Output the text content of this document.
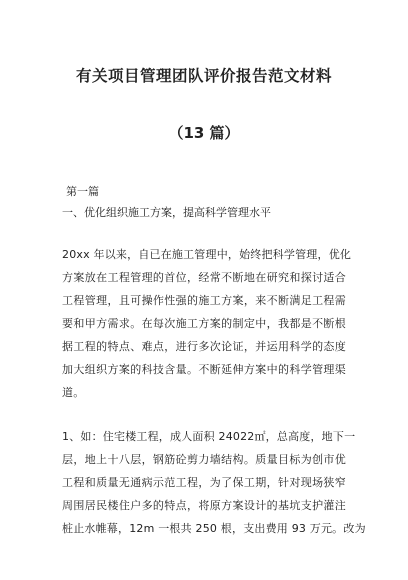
有关项目管理团队评价报告范文材料
（13 篇）
第一篇
一、优化组织施工方案，提高科学管理水平
20xx 年以来，自已在施工管理中，始终把科学管理，优化
方案放在工程管理的首位，经常不断地在研究和探讨适合
工程管理，且可操作性强的施工方案，来不断满足工程需
要和甲方需求。在每次施工方案的制定中，我都是不断根
据工程的特点、难点，进行多次论证，并运用科学的态度
加大组织方案的科技含量。不断延伸方案中的科学管理渠
道。
1、如：住宅楼工程，成人面积 24022㎡，总高度，地下一
层，地上十八层，钢筋砼剪力墙结构。质量目标为创市优
工程和质量无通病示范工程，为了保工期，针对现场狭窄
周围居民楼住户多的特点，将原方案设计的基坑支护灌注
桩止水帷幕，12m 一根共 250 根，支出费用 93 万元。改为
